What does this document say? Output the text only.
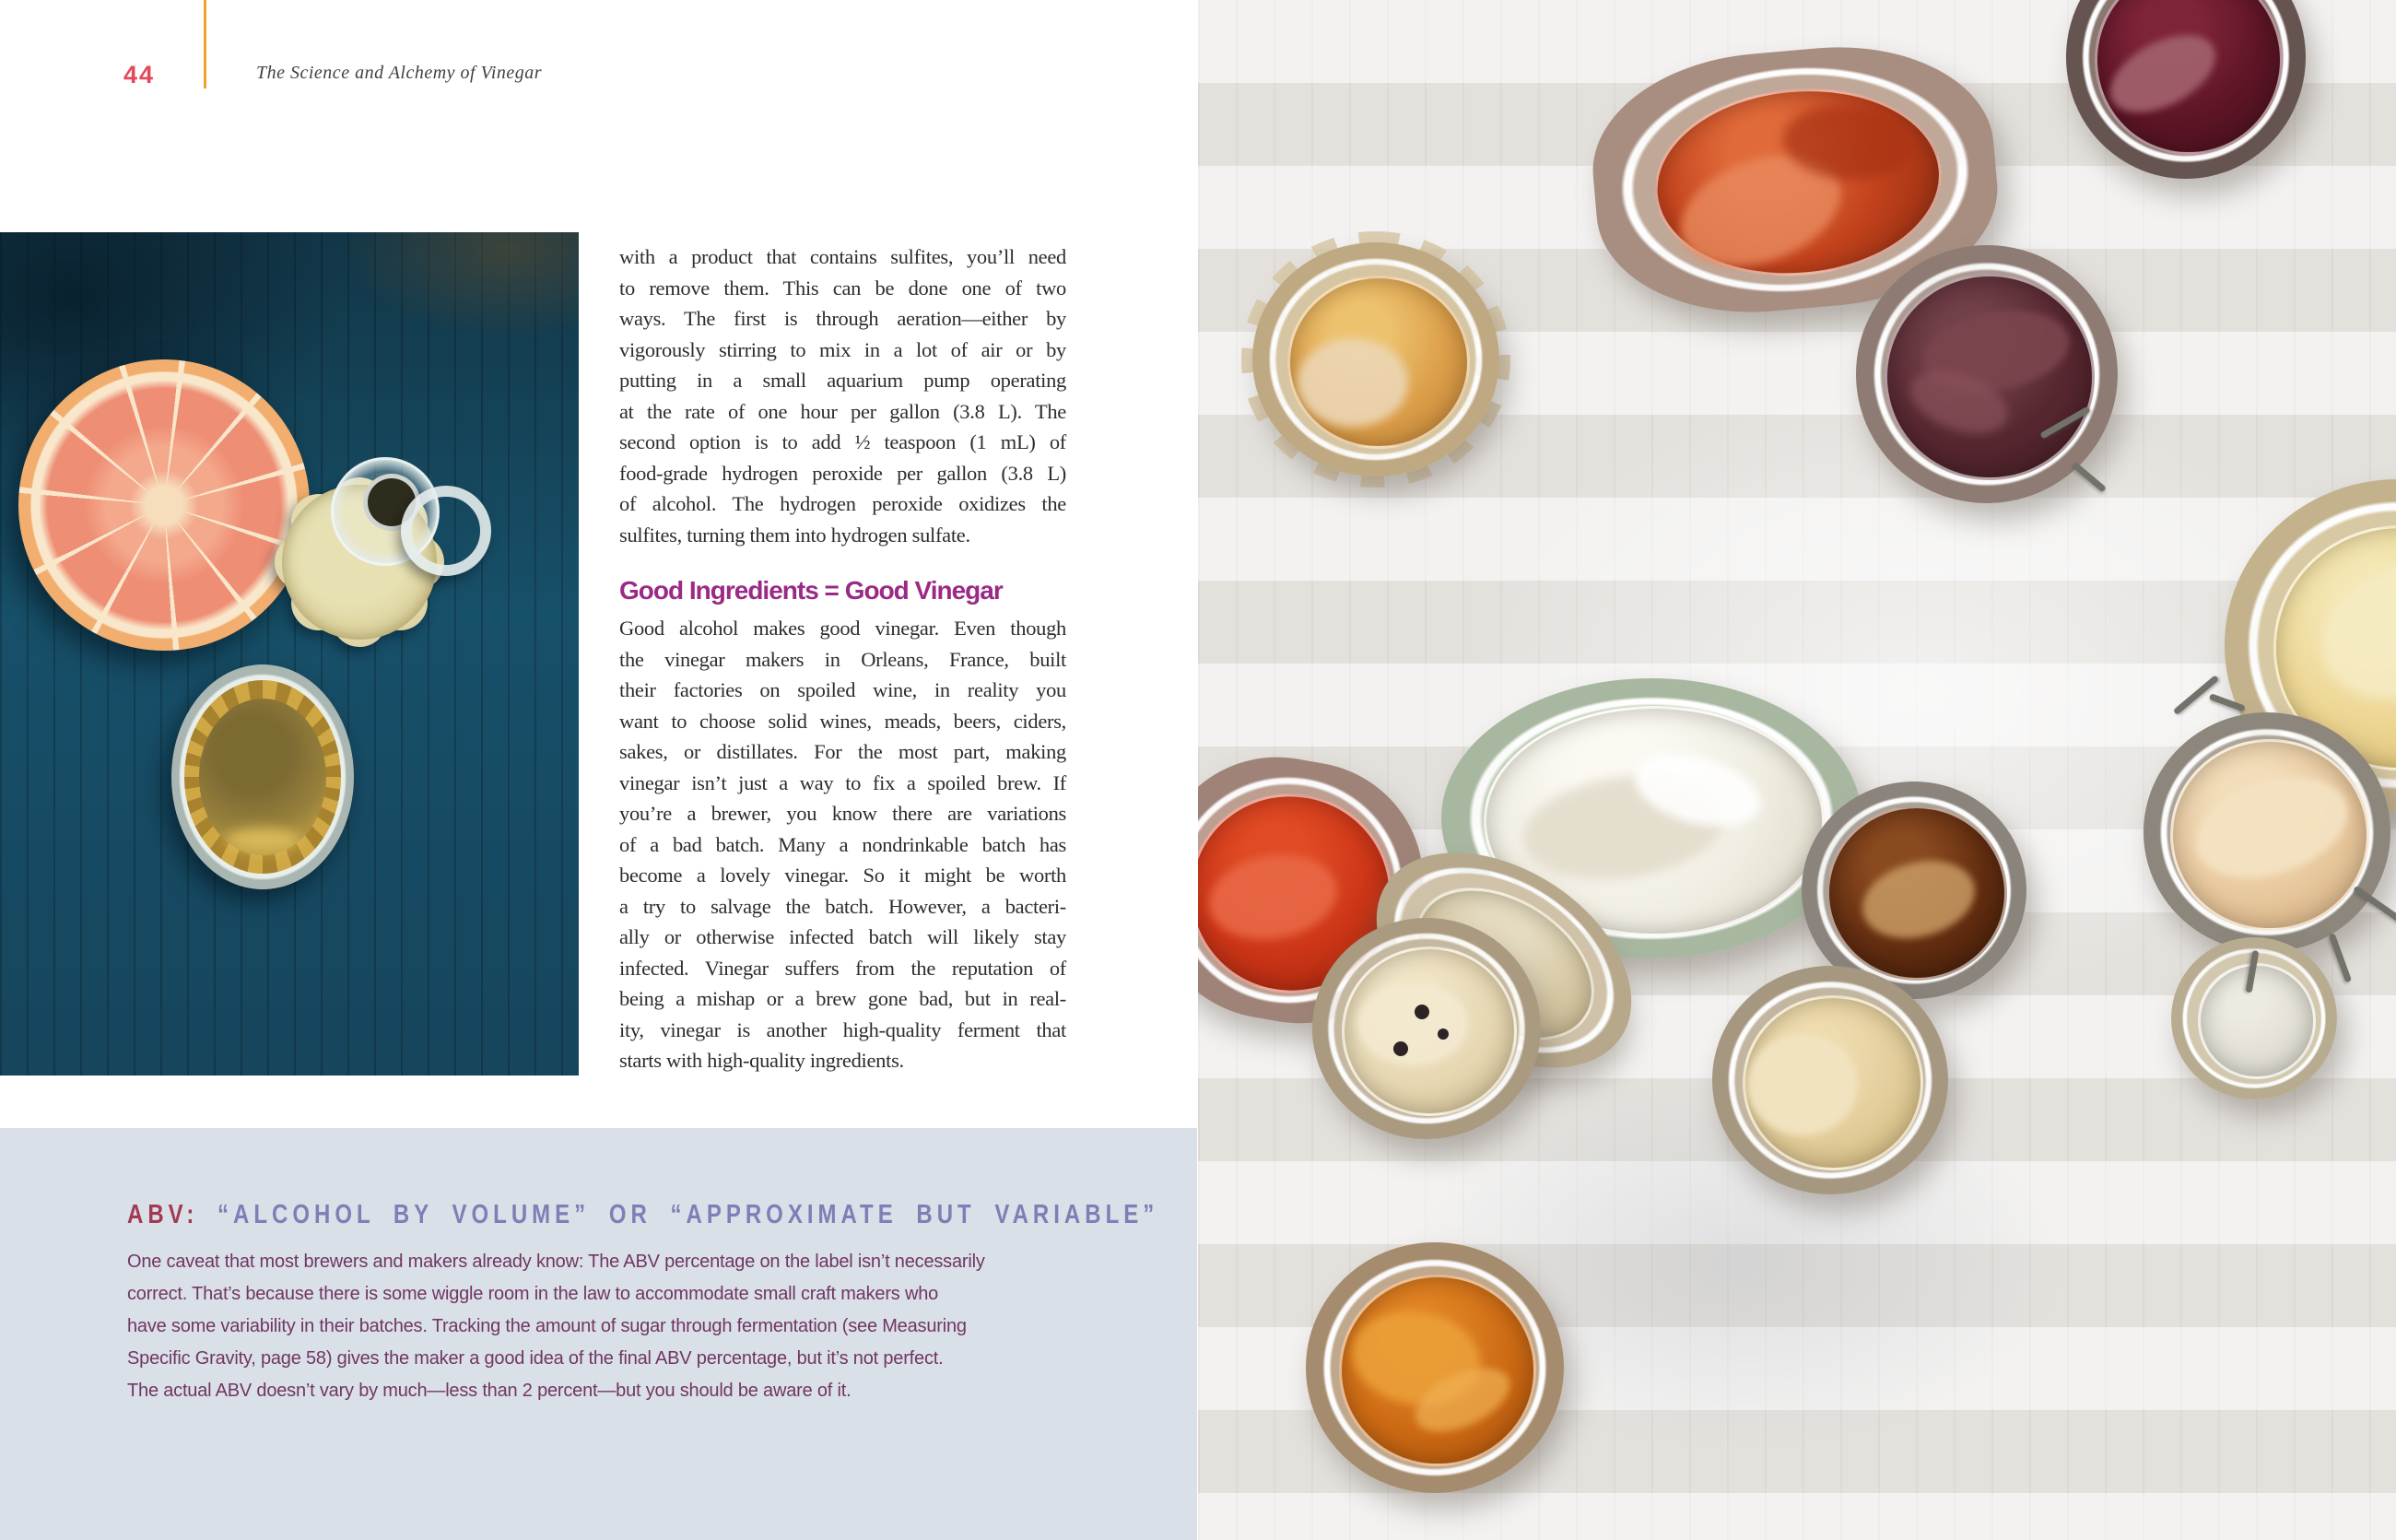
44	The Science and Alchemy of Vinegar
with a product that contains sulfites, you’ll need
to remove them. This can be done one of two
ways. The first is through aeration—either by
vigorously stirring to mix in a lot of air or by
putting in a small aquarium pump operating
at the rate of one hour per gallon (3.8 L). The
second option is to add ½ teaspoon (1 mL) of
food-grade hydrogen peroxide per gallon (3.8 L)
of alcohol. The hydrogen peroxide oxidizes the
sulfites, turning them into hydrogen sulfate.
Good Ingredients = Good Vinegar
Good alcohol makes good vinegar. Even though
the vinegar makers in Orleans, France, built
their factories on spoiled wine, in reality you
want to choose solid wines, meads, beers, ciders,
sakes, or distillates. For the most part, making
vinegar isn’t just a way to fix a spoiled brew. If
you’re a brewer, you know there are variations
of a bad batch. Many a nondrinkable batch has
become a lovely vinegar. So it might be worth
a try to salvage the batch. However, a bacteri-
ally or otherwise infected batch will likely stay
infected. Vinegar suffers from the reputation of
being a mishap or a brew gone bad, but in real-
ity, vinegar is another high-quality ferment that
starts with high-quality ingredients.
ABV: “ALCOHOL BY VOLUME” OR “APPROXIMATE BUT VARIABLE”
One caveat that most brewers and makers already know: The ABV percentage on the label isn’t necessarily
correct. That’s because there is some wiggle room in the law to accommodate small craft makers who
have some variability in their batches. Tracking the amount of sugar through fermentation (see Measuring
Specific Gravity, page 58) gives the maker a good idea of the final ABV percentage, but it’s not perfect.
The actual ABV doesn’t vary by much—less than 2 percent—but you should be aware of it.
